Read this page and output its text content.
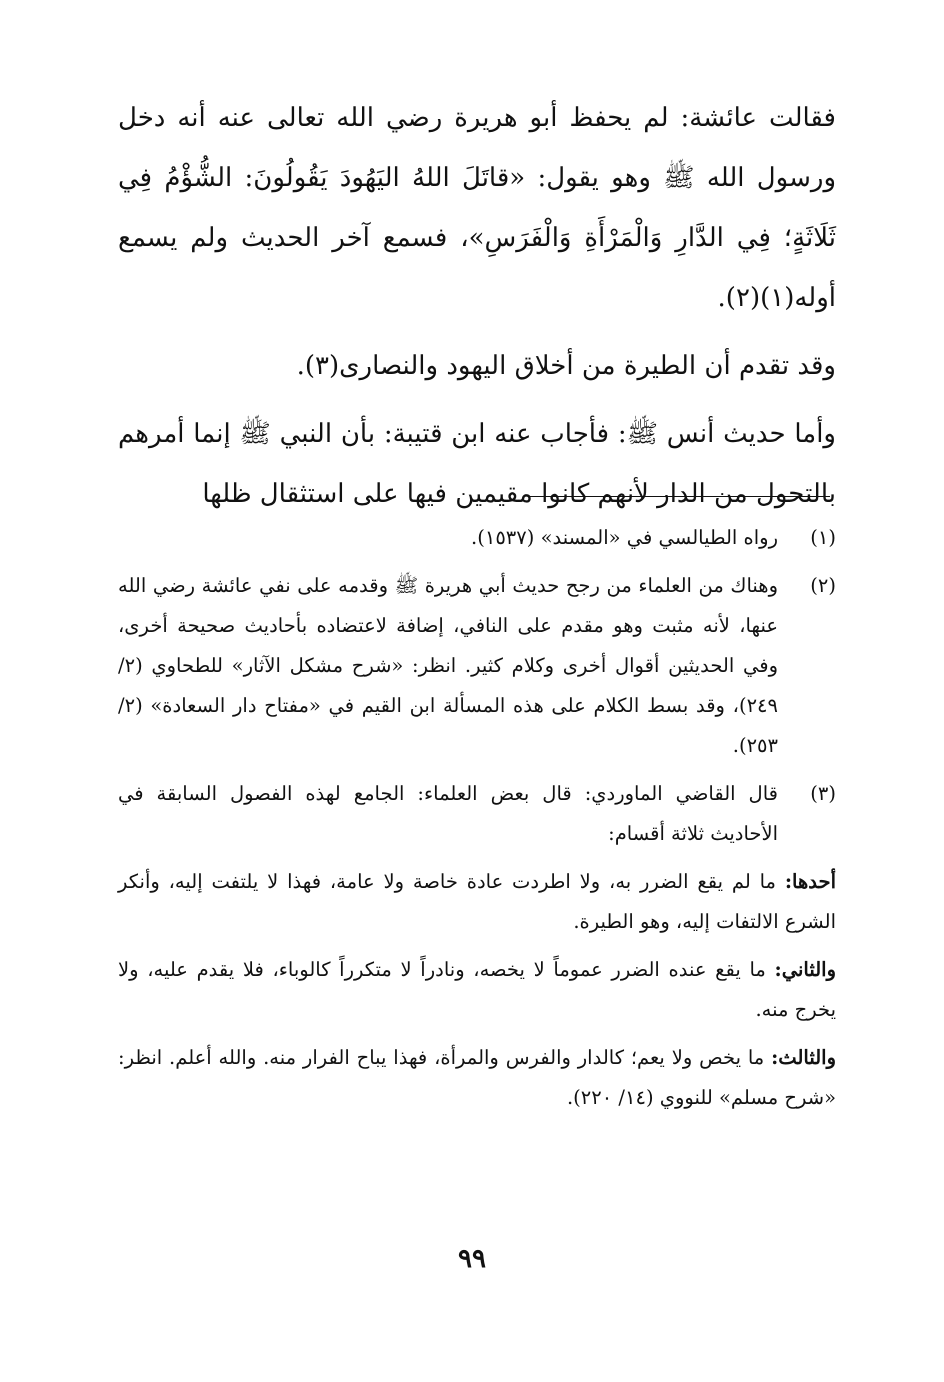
فقالت عائشة: لم يحفظ أبو هريرة رضي الله تعالى عنه أنه دخل ورسول الله ﷺ وهو يقول: «قاتَلَ اللهُ اليَهُودَ يَقُولُونَ: الشُّؤْمُ فِي ثَلَاثَةٍ؛ فِي الدَّارِ وَالْمَرْأَةِ وَالْفَرَسِ»، فسمع آخر الحديث ولم يسمع أوله(١)(٢).

وقد تقدم أن الطيرة من أخلاق اليهود والنصارى(٣).

وأما حديث أنس ﷺ: فأجاب عنه ابن قتيبة: بأن النبي ﷺ إنما أمرهم بالتحول من الدار لأنهم كانوا مقيمين فيها على استثقال ظلها

(١)
رواه الطيالسي في «المسند» (١٥٣٧).
(٢)
وهناك من العلماء من رجح حديث أبي هريرة ﷺ وقدمه على نفي عائشة رضي الله عنها، لأنه مثبت وهو مقدم على النافي، إضافة لاعتضاده بأحاديث صحيحة أخرى، وفي الحديثين أقوال أخرى وكلام كثير. انظر: «شرح مشكل الآثار» للطحاوي (٢/ ٢٤٩)، وقد بسط الكلام على هذه المسألة ابن القيم في «مفتاح دار السعادة» (٢/ ٢٥٣).
(٣)
قال القاضي الماوردي: قال بعض العلماء: الجامع لهذه الفصول السابقة في الأحاديث ثلاثة أقسام:

أحدها: ما لم يقع الضرر به، ولا اطردت عادة خاصة ولا عامة، فهذا لا يلتفت إليه، وأنكر الشرع الالتفات إليه، وهو الطيرة.

والثاني: ما يقع عنده الضرر عموماً لا يخصه، ونادراً لا متكرراً كالوباء، فلا يقدم عليه، ولا يخرج منه.

والثالث: ما يخص ولا يعم؛ كالدار والفرس والمرأة، فهذا يباح الفرار منه. والله أعلم. انظر: «شرح مسلم» للنووي (١٤/ ٢٢٠).

٩٩
